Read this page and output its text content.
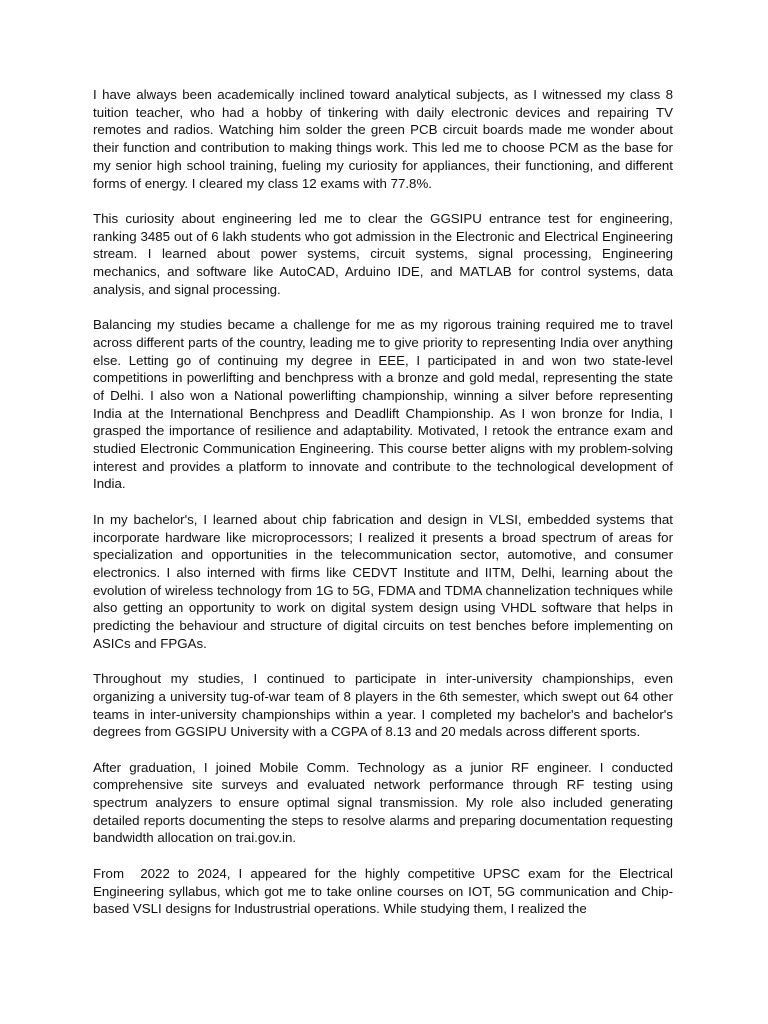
I have always been academically inclined toward analytical subjects, as I witnessed my class 8 tuition teacher, who had a hobby of tinkering with daily electronic devices and repairing TV remotes and radios. Watching him solder the green PCB circuit boards made me wonder about their function and contribution to making things work. This led me to choose PCM as the base for my senior high school training, fueling my curiosity for appliances, their functioning, and different forms of energy. I cleared my class 12 exams with 77.8%.

This curiosity about engineering led me to clear the GGSIPU entrance test for engineering, ranking 3485 out of 6 lakh students who got admission in the Electronic and Electrical Engineering stream. I learned about power systems, circuit systems, signal processing, Engineering mechanics, and software like AutoCAD, Arduino IDE, and MATLAB for control systems, data analysis, and signal processing.

Balancing my studies became a challenge for me as my rigorous training required me to travel across different parts of the country, leading me to give priority to representing India over anything else. Letting go of continuing my degree in EEE, I participated in and won two state-level competitions in powerlifting and benchpress with a bronze and gold medal, representing the state of Delhi. I also won a National powerlifting championship, winning a silver before representing India at the International Benchpress and Deadlift Championship. As I won bronze for India, I grasped the importance of resilience and adaptability. Motivated, I retook the entrance exam and studied Electronic Communication Engineering. This course better aligns with my problem-solving interest and provides a platform to innovate and contribute to the technological development of India.

In my bachelor's, I learned about chip fabrication and design in VLSI, embedded systems that incorporate hardware like microprocessors; I realized it presents a broad spectrum of areas for specialization and opportunities in the telecommunication sector, automotive, and consumer electronics. I also interned with firms like CEDVT Institute and IITM, Delhi, learning about the evolution of wireless technology from 1G to 5G, FDMA and TDMA channelization techniques while also getting an opportunity to work on digital system design using VHDL software that helps in predicting the behaviour and structure of digital circuits on test benches before implementing on ASICs and FPGAs.

Throughout my studies, I continued to participate in inter-university championships, even organizing a university tug-of-war team of 8 players in the 6th semester, which swept out 64 other teams in inter-university championships within a year. I completed my bachelor's and bachelor's degrees from GGSIPU University with a CGPA of 8.13 and 20 medals across different sports.

After graduation, I joined Mobile Comm. Technology as a junior RF engineer. I conducted comprehensive site surveys and evaluated network performance through RF testing using spectrum analyzers to ensure optimal signal transmission. My role also included generating detailed reports documenting the steps to resolve alarms and preparing documentation requesting bandwidth allocation on trai.gov.in.

From  2022 to 2024, I appeared for the highly competitive UPSC exam for the Electrical Engineering syllabus, which got me to take online courses on IOT, 5G communication and Chip-based VSLI designs for Industrustrial operations. While studying them, I realized the
